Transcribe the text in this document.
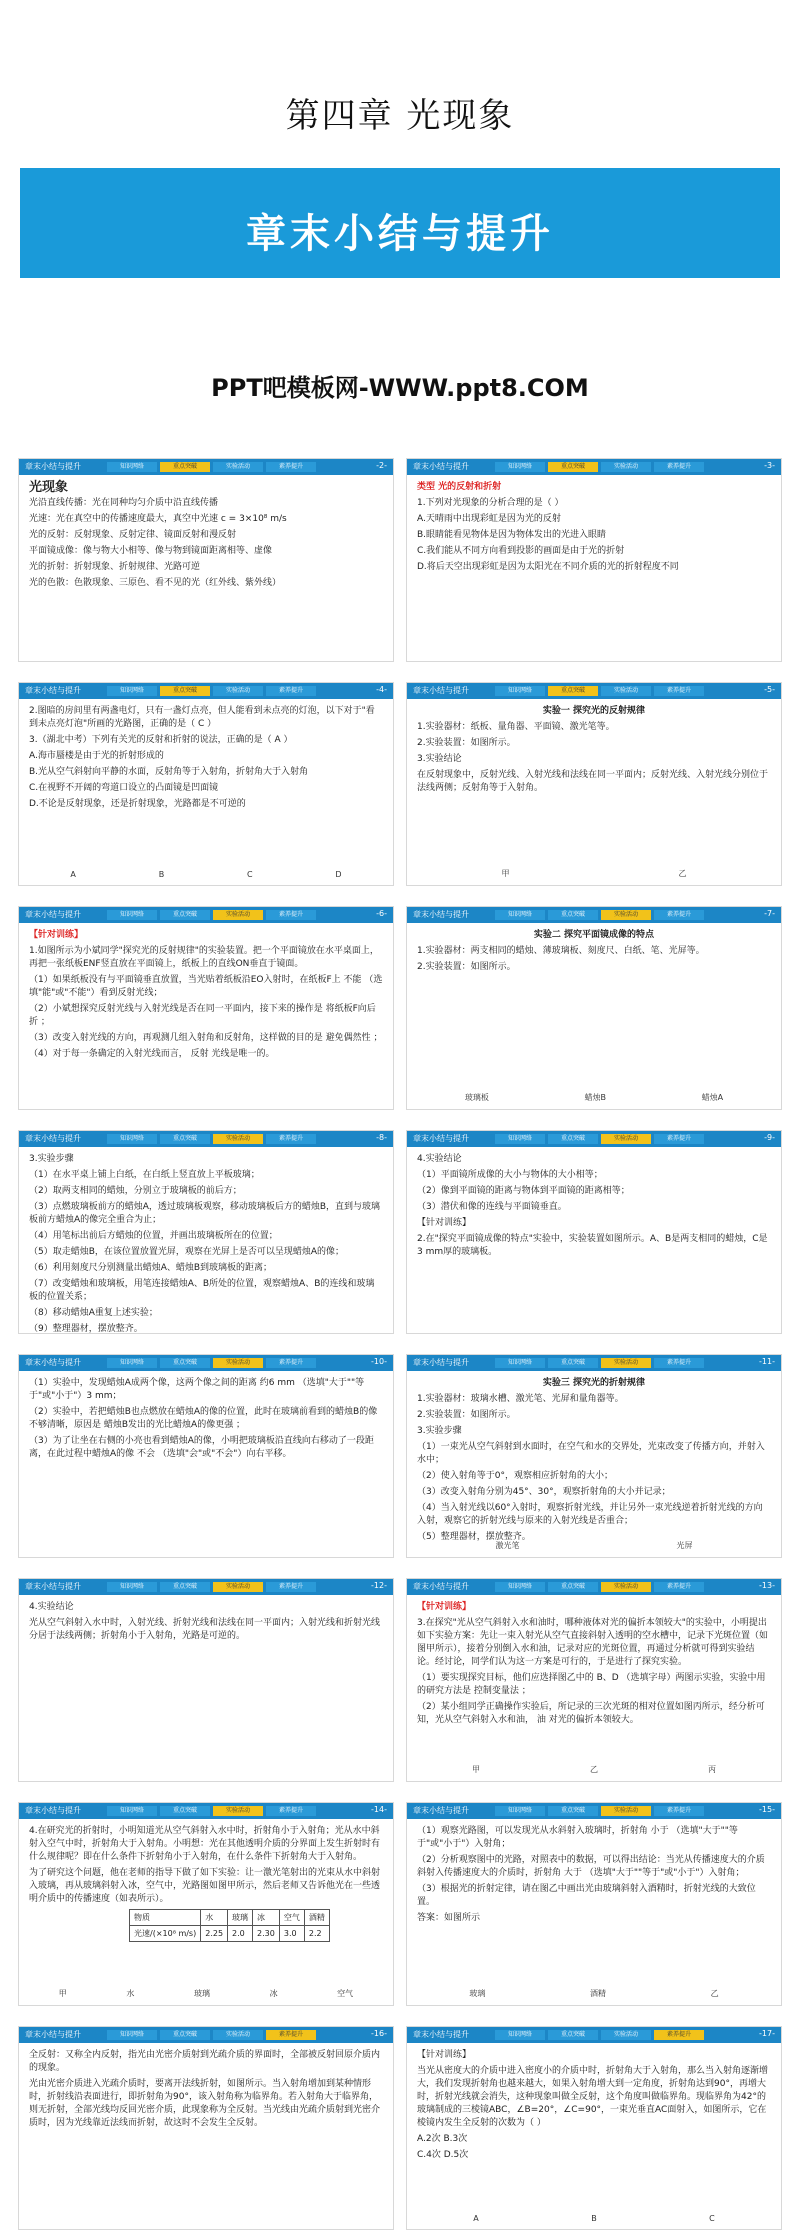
第四章 光现象
章末小结与提升
PPT吧模板网-WWW.ppt8.COM
章末小结与提升	知识网络	重点突破	实验活动	素养提升	-2-

光现象

光沿直线传播：光在同种均匀介质中沿直线传播

光速：光在真空中的传播速度最大，真空中光速 c = 3×10⁸ m/s

光的反射：反射现象、反射定律、镜面反射和漫反射

平面镜成像：像与物大小相等、像与物到镜面距离相等、虚像

光的折射：折射现象、折射规律、光路可逆

光的色散：色散现象、三原色、看不见的光（红外线、紫外线）

章末小结与提升	知识网络	重点突破	实验活动	素养提升	-3-

类型 光的反射和折射

1.下列对光现象的分析合理的是（ ）

A.天晴雨中出现彩虹是因为光的反射

B.眼睛能看见物体是因为物体发出的光进入眼睛

C.我们能从不同方向看到投影的画面是由于光的折射

D.将后天空出现彩虹是因为太阳光在不同介质的光的折射程度不同

章末小结与提升	知识网络	重点突破	实验活动	素养提升	-4-

2.图暗的房间里有两盏电灯，只有一盏灯点亮，但人能看到未点亮的灯泡，以下对于"看到未点亮灯泡"所画的光路图，正确的是（ C ）

3.（湖北中考）下列有关光的反射和折射的说法，正确的是（ A ）

A.海市蜃楼是由于光的折射形成的

B.光从空气斜射向平静的水面，反射角等于入射角，折射角大于入射角

C.在视野不开阔的弯道口设立的凸面镜是凹面镜

D.不论是反射现象，还是折射现象，光路都是不可逆的

A	B	C	D
章末小结与提升	知识网络	重点突破	实验活动	素养提升	-5-

实验一 探究光的反射规律

1.实验器材：纸板、量角器、平面镜、激光笔等。

2.实验装置：如图所示。

3.实验结论

在反射现象中，反射光线、入射光线和法线在同一平面内；反射光线、入射光线分别位于法线两侧；反射角等于入射角。

甲	乙
章末小结与提升	知识网络	重点突破	实验活动	素养提升	-6-

【针对训练】

1.如图所示为小斌同学"探究光的反射规律"的实验装置。把一个平面镜放在水平桌面上，再把一张纸板ENF竖直放在平面镜上，纸板上的直线ON垂直于镜面。

（1）如果纸板没有与平面镜垂直放置，当光贴着纸板沿EO入射时，在纸板F上 不能 （选填"能"或"不能"）看到反射光线；

（2）小斌想探究反射光线与入射光线是否在同一平面内，接下来的操作是 将纸板F向后折 ；

（3）改变入射光线的方向，再观测几组入射角和反射角，这样做的目的是 避免偶然性 ；

（4）对于每一条确定的入射光线而言， 反射 光线是唯一的。

章末小结与提升	知识网络	重点突破	实验活动	素养提升	-7-

实验二 探究平面镜成像的特点

1.实验器材：两支相同的蜡烛、薄玻璃板、刻度尺、白纸、笔、光屏等。

2.实验装置：如图所示。

玻璃板	蜡烛B	蜡烛A
章末小结与提升	知识网络	重点突破	实验活动	素养提升	-8-

3.实验步骤

（1）在水平桌上铺上白纸，在白纸上竖直放上平板玻璃；

（2）取两支相同的蜡烛，分别立于玻璃板的前后方；

（3）点燃玻璃板前方的蜡烛A，透过玻璃板观察，移动玻璃板后方的蜡烛B，直到与玻璃板前方蜡烛A的像完全重合为止；

（4）用笔标出前后方蜡烛的位置，并画出玻璃板所在的位置；

（5）取走蜡烛B，在该位置放置光屏，观察在光屏上是否可以呈现蜡烛A的像；

（6）利用刻度尺分别测量出蜡烛A、蜡烛B到玻璃板的距离；

（7）改变蜡烛和玻璃板，用笔连接蜡烛A、B所处的位置，观察蜡烛A、B的连线和玻璃板的位置关系；

（8）移动蜡烛A重复上述实验；

（9）整理器材，摆放整齐。

章末小结与提升	知识网络	重点突破	实验活动	素养提升	-9-

4.实验结论

（1）平面镜所成像的大小与物体的大小相等；

（2）像到平面镜的距离与物体到平面镜的距离相等；

（3）潜伏和像的连线与平面镜垂直。

【针对训练】

2.在"探究平面镜成像的特点"实验中，实验装置如图所示。A、B是两支相同的蜡烛，C是3 mm厚的玻璃板。

章末小结与提升	知识网络	重点突破	实验活动	素养提升	-10-

（1）实验中，发现蜡烛A成两个像，这两个像之间的距离 约6 mm （选填"大于""等于"或"小于"）3 mm；

（2）实验中，若把蜡烛B也点燃放在蜡烛A的像的位置，此时在玻璃前看到的蜡烛B的像不够清晰，原因是 蜡烛B发出的光比蜡烛A的像更强 ；

（3）为了让坐在右侧的小亮也看到蜡烛A的像，小明把玻璃板沿直线向右移动了一段距离，在此过程中蜡烛A的像 不会 （选填"会"或"不会"）向右平移。

章末小结与提升	知识网络	重点突破	实验活动	素养提升	-11-

实验三 探究光的折射规律

1.实验器材：玻璃水槽、激光笔、光屏和量角器等。

2.实验装置：如图所示。

3.实验步骤

（1）一束光从空气斜射到水面时，在空气和水的交界处，光束改变了传播方向，并射入水中；

（2）使入射角等于0°，观察相应折射角的大小；

（3）改变入射角分别为45°、30°，观察折射角的大小并记录；

（4）当入射光线以60°入射时，观察折射光线，并让另外一束光线逆着折射光线的方向入射，观察它的折射光线与原来的入射光线是否重合；

（5）整理器材，摆放整齐。

激光笔	光屏
章末小结与提升	知识网络	重点突破	实验活动	素养提升	-12-

4.实验结论

光从空气斜射入水中时，入射光线、折射光线和法线在同一平面内；入射光线和折射光线分居于法线两侧；折射角小于入射角，光路是可逆的。

章末小结与提升	知识网络	重点突破	实验活动	素养提升	-13-

【针对训练】

3.在探究"光从空气斜射入水和油时，哪种液体对光的偏折本领较大"的实验中，小明提出如下实验方案：先让一束入射光从空气直接斜射入透明的空水槽中，记录下光斑位置（如图甲所示），接着分别倒入水和油，记录对应的光斑位置，再通过分析就可得到实验结论。经讨论，同学们认为这一方案是可行的，于是进行了探究实验。

（1）要实现探究目标，他们应选择图乙中的 B、D （选填字母）两图示实验，实验中用的研究方法是 控制变量法 ；

（2）某小组同学正确操作实验后，所记录的三次光斑的相对位置如图丙所示，经分析可知，光从空气斜射入水和油， 油 对光的偏折本领较大。

甲	乙	丙
章末小结与提升	知识网络	重点突破	实验活动	素养提升	-14-

4.在研究光的折射时，小明知道光从空气斜射入水中时，折射角小于入射角；光从水中斜射入空气中时，折射角大于入射角。小明想：光在其他透明介质的分界面上发生折射时有什么规律呢？即在什么条件下折射角小于入射角，在什么条件下折射角大于入射角。

为了研究这个问题，他在老师的指导下做了如下实验：让一激光笔射出的光束从水中斜射入玻璃，再从玻璃斜射入冰，空气中，光路图如图甲所示，然后老师又告诉他光在一些透明介质中的传播速度（如表所示）。

物质	水	玻璃	冰	空气	酒精
光速/(×10⁸ m/s)	2.25	2.0	2.30	3.0	2.2
甲	水	玻璃	冰	空气
章末小结与提升	知识网络	重点突破	实验活动	素养提升	-15-

（1）观察光路图，可以发现光从水斜射入玻璃时，折射角 小于 （选填"大于""等于"或"小于"）入射角；

（2）分析观察图中的光路，对照表中的数据，可以得出结论：当光从传播速度大的介质斜射入传播速度大的介质时，折射角 大于 （选填"大于""等于"或"小于"）入射角；

（3）根据光的折射定律，请在图乙中画出光由玻璃斜射入酒精时，折射光线的大致位置。

答案：如图所示

玻璃	酒精	乙
章末小结与提升	知识网络	重点突破	实验活动	素养提升	-16-

全反射：又称全内反射，指光由光密介质射到光疏介质的界面时，全部被反射回原介质内的现象。

光由光密介质进入光疏介质时，要离开法线折射，如图所示。当入射角增加到某种情形时，折射线沿表面进行，即折射角为90°，该入射角称为临界角。若入射角大于临界角，则无折射，全部光线均反回光密介质，此现象称为全反射。当光线由光疏介质射到光密介质时，因为光线靠近法线而折射，故这时不会发生全反射。

章末小结与提升	知识网络	重点突破	实验活动	素养提升	-17-

【针对训练】

当光从密度大的介质中进入密度小的介质中时，折射角大于入射角，那么当入射角逐渐增大，我们发现折射角也越来越大，如果入射角增大到一定角度，折射角达到90°，再增大时，折射光线就会消失，这种现象叫做全反射，这个角度叫做临界角。现临界角为42°的玻璃制成的三棱镜ABC，∠B=20°，∠C=90°，一束光垂直AC面射入，如图所示，它在棱镜内发生全反射的次数为（ ）

A.2次 B.3次

C.4次 D.5次

A	B	C
